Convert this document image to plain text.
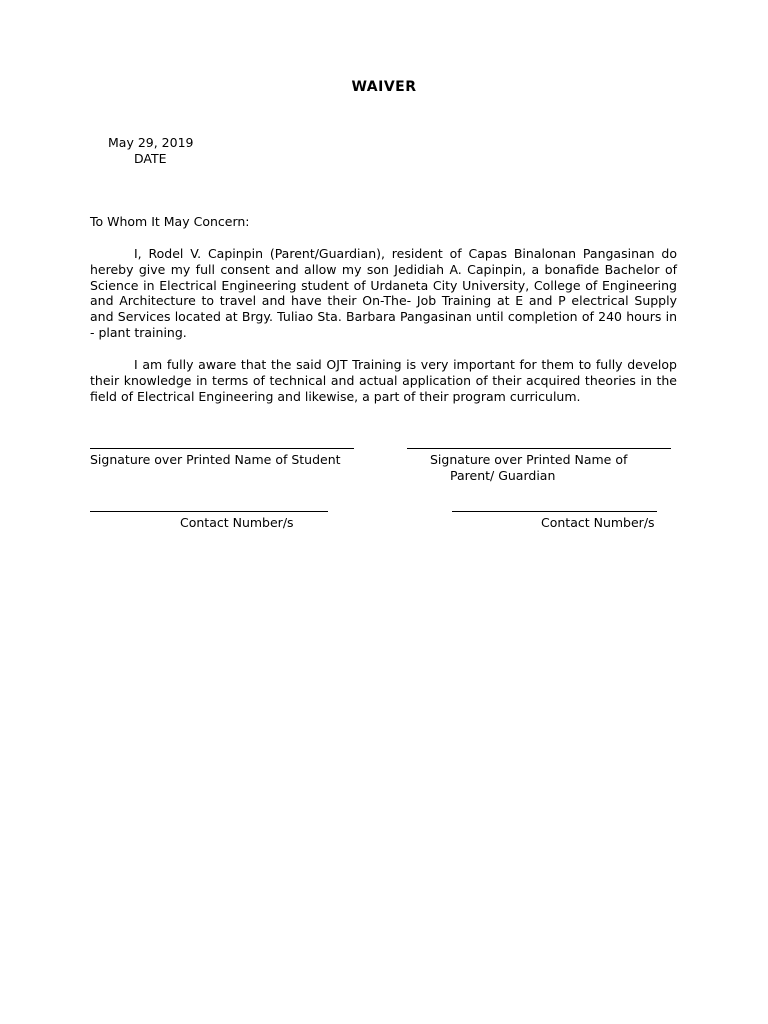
WAIVER
May 29, 2019
DATE
To Whom It May Concern:

I, Rodel V. Capinpin (Parent/Guardian), resident of Capas Binalonan Pangasinan do hereby give my full consent and allow my son Jedidiah A. Capinpin, a bonafide Bachelor of Science in Electrical Engineering student of Urdaneta City University, College of Engineering and Architecture to travel and have their On-The- Job Training at E and P electrical Supply and Services located at Brgy. Tuliao Sta. Barbara Pangasinan until completion of 240 hours in - plant training.

I am fully aware that the said OJT Training is very important for them to fully develop their knowledge in terms of technical and actual application of their acquired theories in the field of Electrical Engineering and likewise, a part of their program curriculum.

Signature over Printed Name of Student	Signature over Printed Name of
Parent/ Guardian
Contact Number/s	Contact Number/s
